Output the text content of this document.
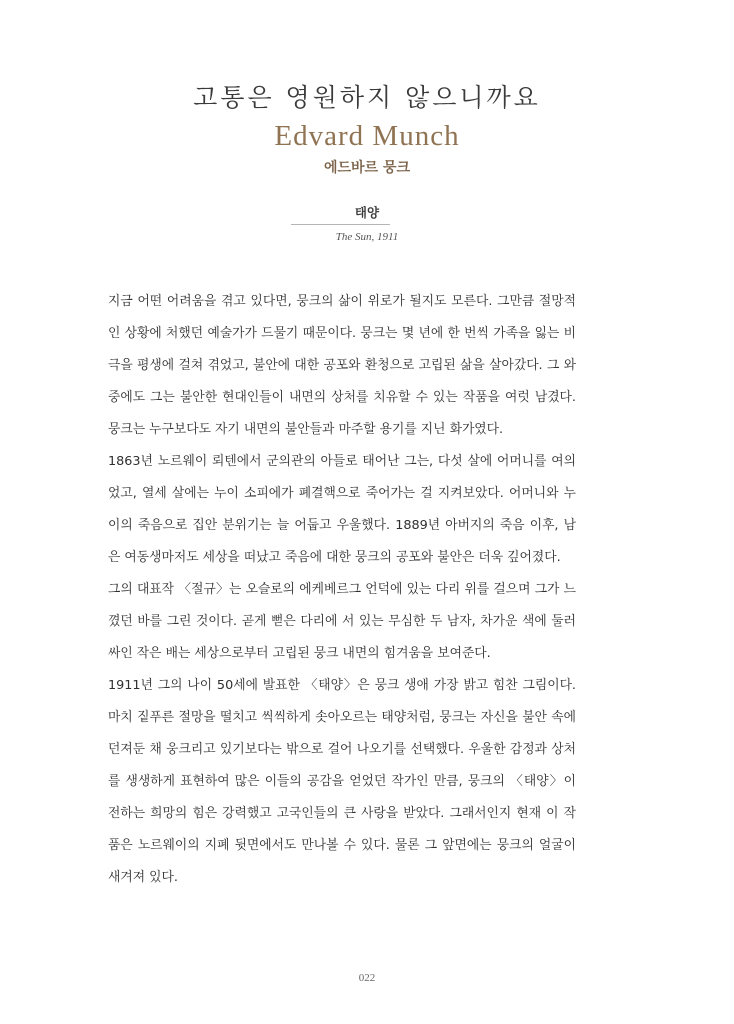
고통은 영원하지 않으니까요
Edvard Munch
에드바르 뭉크
태양
The Sun, 1911

지금 어떤 어려움을 겪고 있다면, 뭉크의 삶이 위로가 될지도 모른다. 그만큼 절망적인 상황에 처했던 예술가가 드물기 때문이다. 뭉크는 몇 년에 한 번씩 가족을 잃는 비극을 평생에 걸쳐 겪었고, 불안에 대한 공포와 환청으로 고립된 삶을 살아갔다. 그 와중에도 그는 불안한 현대인들이 내면의 상처를 치유할 수 있는 작품을 여럿 남겼다. 뭉크는 누구보다도 자기 내면의 불안들과 마주할 용기를 지닌 화가였다.

1863년 노르웨이 뢰텐에서 군의관의 아들로 태어난 그는, 다섯 살에 어머니를 여의었고, 열세 살에는 누이 소피에가 폐결핵으로 죽어가는 걸 지켜보았다. 어머니와 누이의 죽음으로 집안 분위기는 늘 어둡고 우울했다. 1889년 아버지의 죽음 이후, 남은 여동생마저도 세상을 떠났고 죽음에 대한 뭉크의 공포와 불안은 더욱 깊어졌다.

그의 대표작 〈절규〉는 오슬로의 에케베르그 언덕에 있는 다리 위를 걸으며 그가 느꼈던 바를 그린 것이다. 곧게 뻗은 다리에 서 있는 무심한 두 남자, 차가운 색에 둘러싸인 작은 배는 세상으로부터 고립된 뭉크 내면의 힘겨움을 보여준다.

1911년 그의 나이 50세에 발표한 〈태양〉은 뭉크 생애 가장 밝고 힘찬 그림이다. 마치 짙푸른 절망을 떨치고 씩씩하게 솟아오르는 태양처럼, 뭉크는 자신을 불안 속에 던져둔 채 웅크리고 있기보다는 밖으로 걸어 나오기를 선택했다. 우울한 감정과 상처를 생생하게 표현하여 많은 이들의 공감을 얻었던 작가인 만큼, 뭉크의 〈태양〉이 전하는 희망의 힘은 강력했고 고국인들의 큰 사랑을 받았다. 그래서인지 현재 이 작품은 노르웨이의 지폐 뒷면에서도 만나볼 수 있다. 물론 그 앞면에는 뭉크의 얼굴이 새겨져 있다.

022
